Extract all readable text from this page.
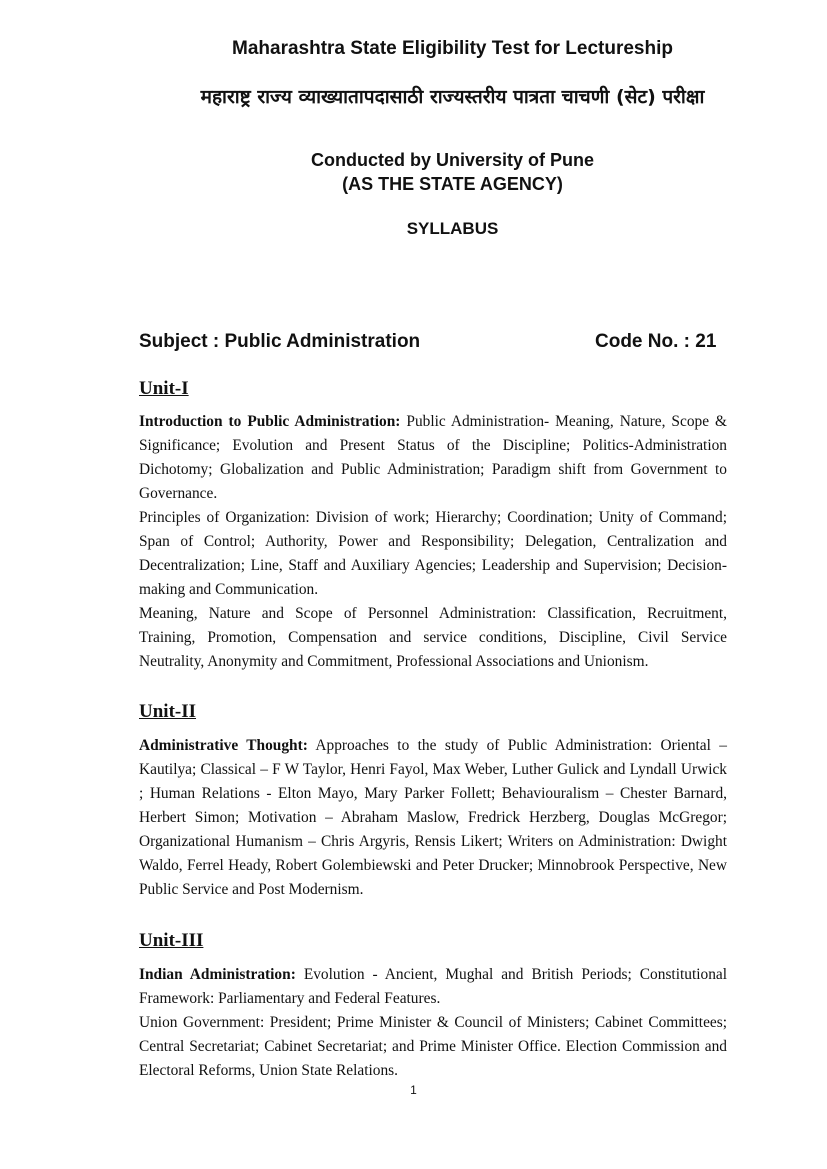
Maharashtra State Eligibility Test for Lectureship
महाराष्ट्र राज्य व्याख्यातापदासाठी राज्यस्तरीय पात्रता चाचणी (सेट) परीक्षा
Conducted by University of Pune
(AS THE STATE AGENCY)
SYLLABUS
Subject : Public Administration	Code No. : 21
Unit-I

Introduction to Public Administration: Public Administration- Meaning, Nature, Scope & Significance; Evolution and Present Status of the Discipline; Politics-Administration Dichotomy; Globalization and Public Administration; Paradigm shift from Government to Governance.

Principles of Organization: Division of work; Hierarchy; Coordination; Unity of Command; Span of Control; Authority, Power and Responsibility; Delegation, Centralization and Decentralization; Line, Staff and Auxiliary Agencies; Leadership and Supervision; Decision-making and Communication.

Meaning, Nature and Scope of Personnel Administration: Classification, Recruitment, Training, Promotion, Compensation and service conditions, Discipline, Civil Service Neutrality, Anonymity and Commitment, Professional Associations and Unionism.

Unit-II

Administrative Thought: Approaches to the study of Public Administration: Oriental – Kautilya; Classical – F W Taylor, Henri Fayol, Max Weber, Luther Gulick and Lyndall Urwick ; Human Relations - Elton Mayo, Mary Parker Follett; Behaviouralism – Chester Barnard, Herbert Simon; Motivation – Abraham Maslow, Fredrick Herzberg, Douglas McGregor; Organizational Humanism – Chris Argyris, Rensis Likert; Writers on Administration: Dwight Waldo, Ferrel Heady, Robert Golembiewski and Peter Drucker; Minnobrook Perspective, New Public Service and Post Modernism.

Unit-III

Indian Administration: Evolution - Ancient, Mughal and British Periods; Constitutional Framework: Parliamentary and Federal Features.

Union Government: President; Prime Minister & Council of Ministers; Cabinet Committees; Central Secretariat; Cabinet Secretariat; and Prime Minister Office. Election Commission and Electoral Reforms, Union State Relations.

1
